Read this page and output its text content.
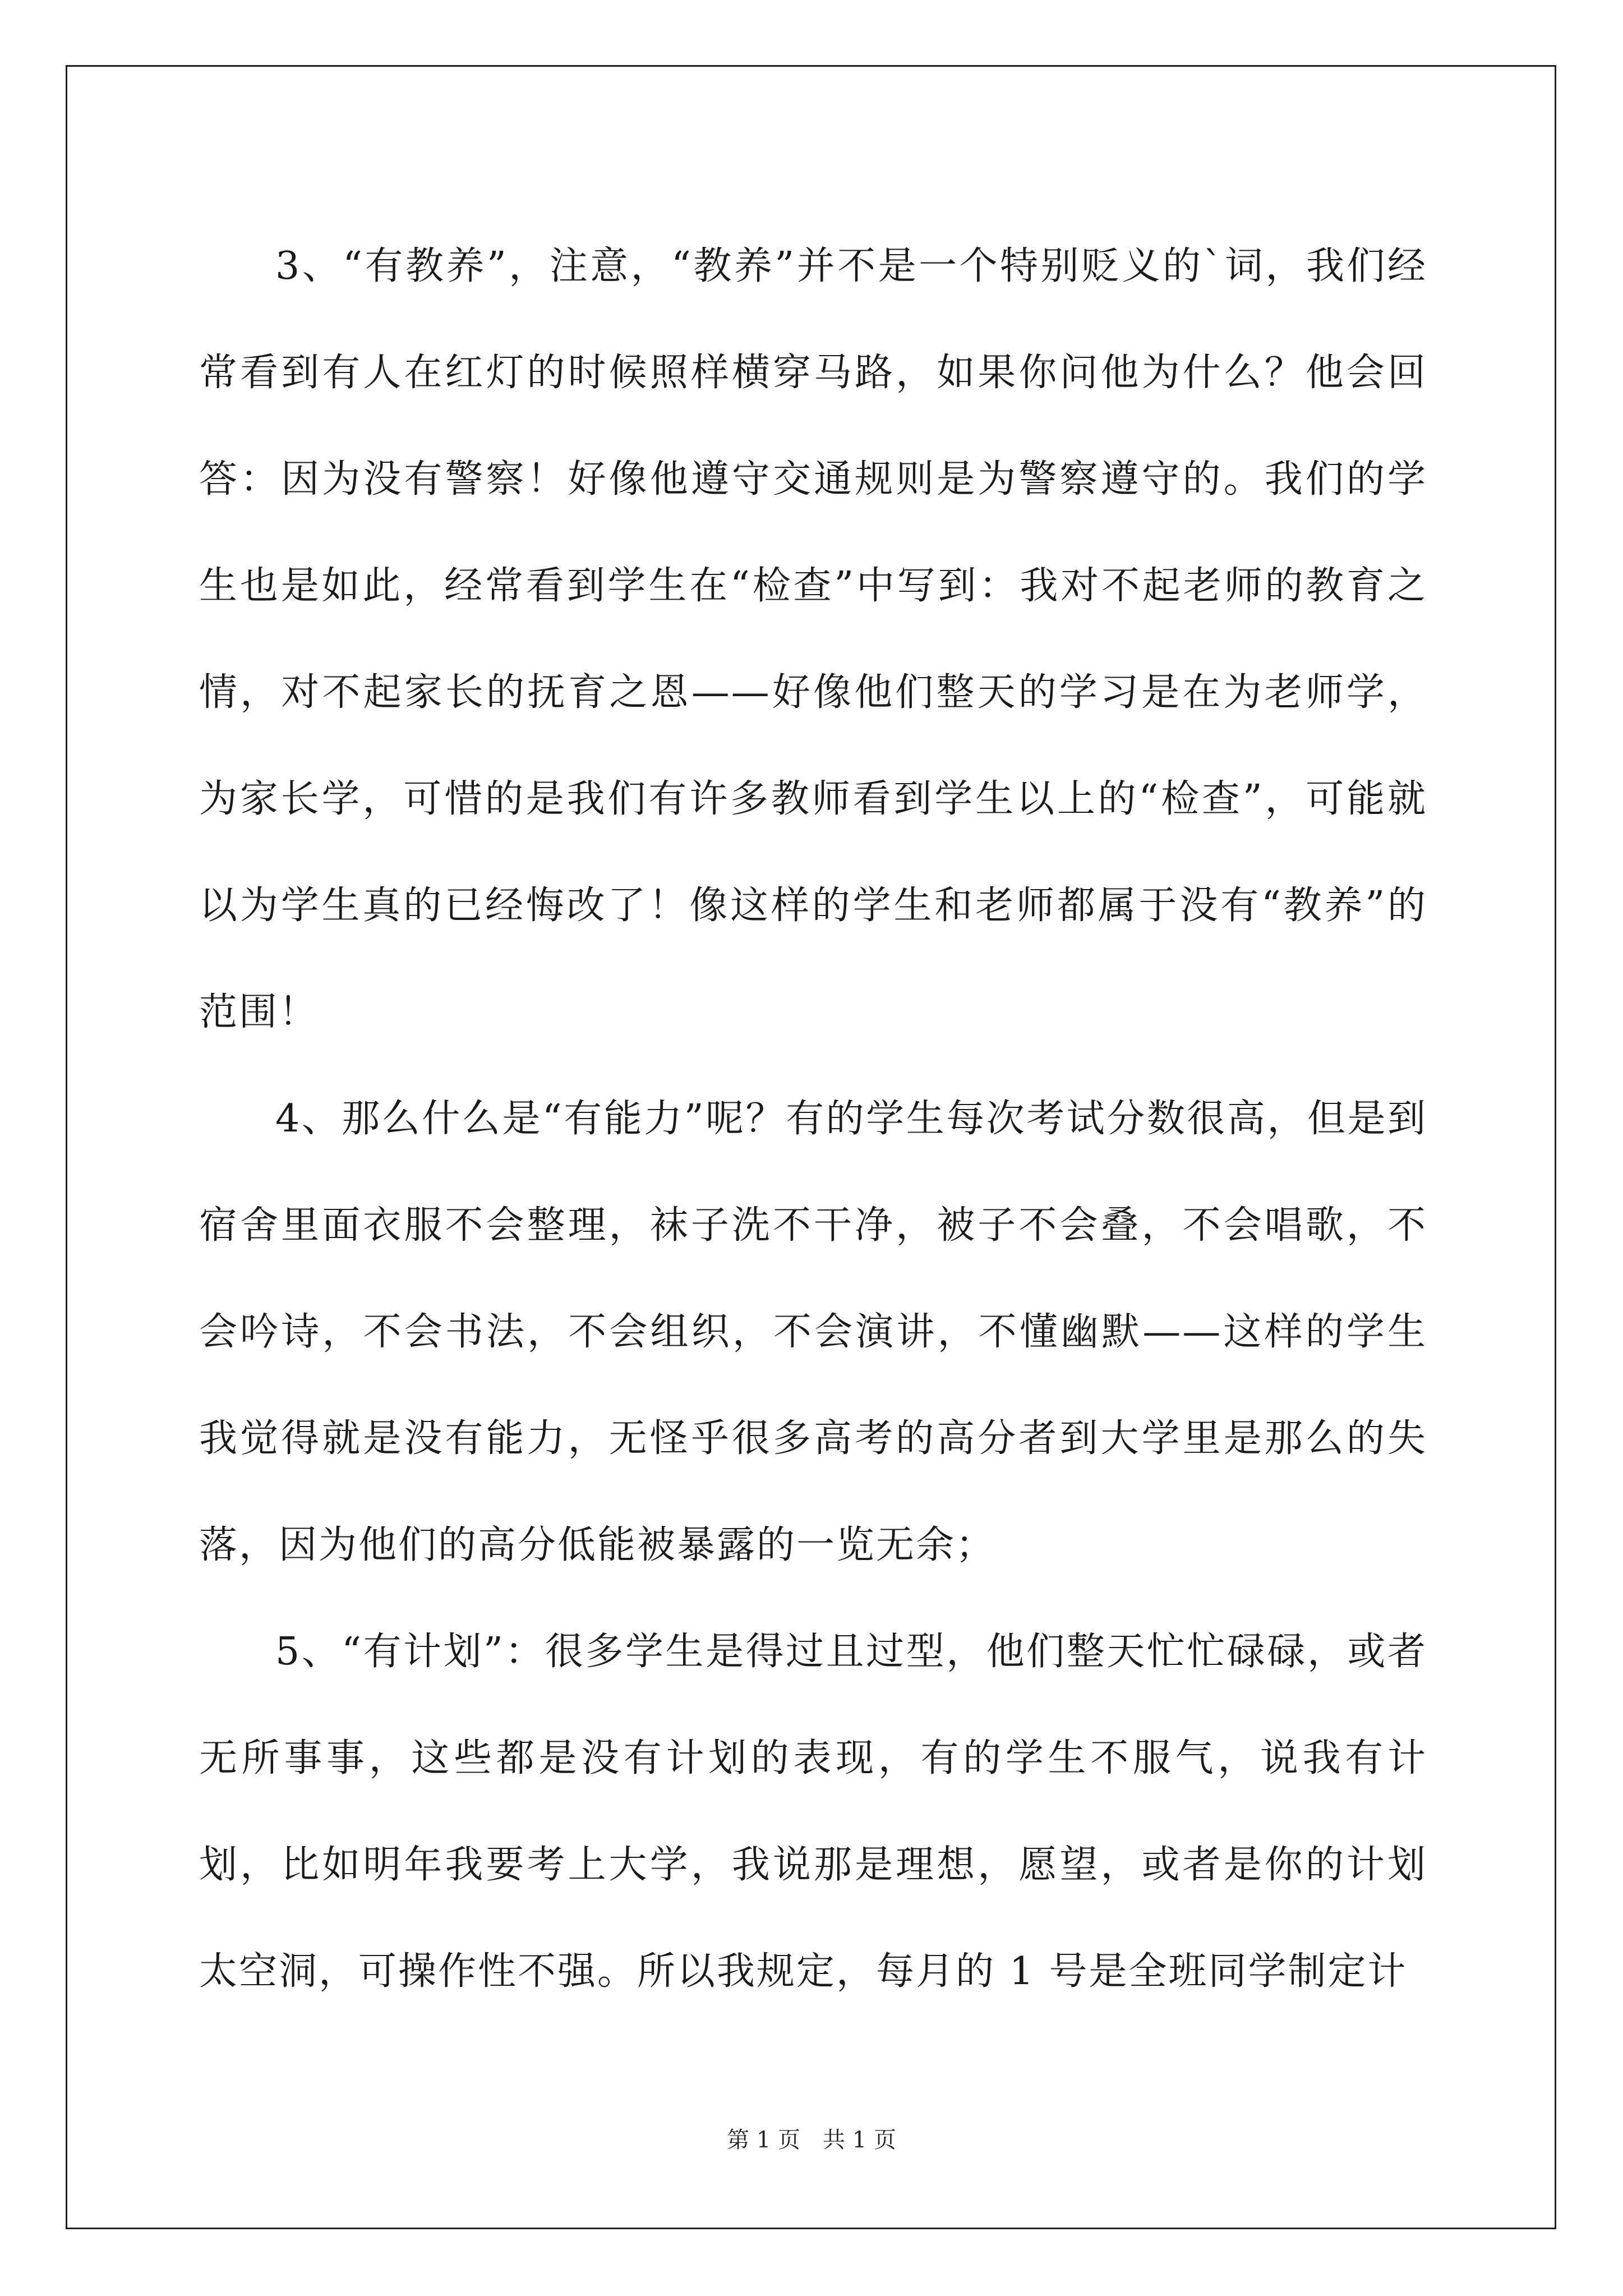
3、“有教养”，注意，“教养”并不是一个特别贬义的`词，我们经常看到有人在红灯的时候照样横穿马路，如果你问他为什么？他会回答：因为没有警察！好像他遵守交通规则是为警察遵守的。我们的学生也是如此，经常看到学生在“检查”中写到：我对不起老师的教育之情，对不起家长的抚育之恩——好像他们整天的学习是在为老师学，为家长学，可惜的是我们有许多教师看到学生以上的“检查”，可能就以为学生真的已经悔改了！像这样的学生和老师都属于没有“教养”的范围！

4、那么什么是“有能力”呢？有的学生每次考试分数很高，但是到宿舍里面衣服不会整理，袜子洗不干净，被子不会叠，不会唱歌，不会吟诗，不会书法，不会组织，不会演讲，不懂幽默——这样的学生我觉得就是没有能力，无怪乎很多高考的高分者到大学里是那么的失落，因为他们的高分低能被暴露的一览无余；

5、“有计划”：很多学生是得过且过型，他们整天忙忙碌碌，或者无所事事，这些都是没有计划的表现，有的学生不服气，说我有计划，比如明年我要考上大学，我说那是理想，愿望，或者是你的计划太空洞，可操作性不强。所以我规定，每月的 1 号是全班同学制定计

第 1 页 共 1 页
